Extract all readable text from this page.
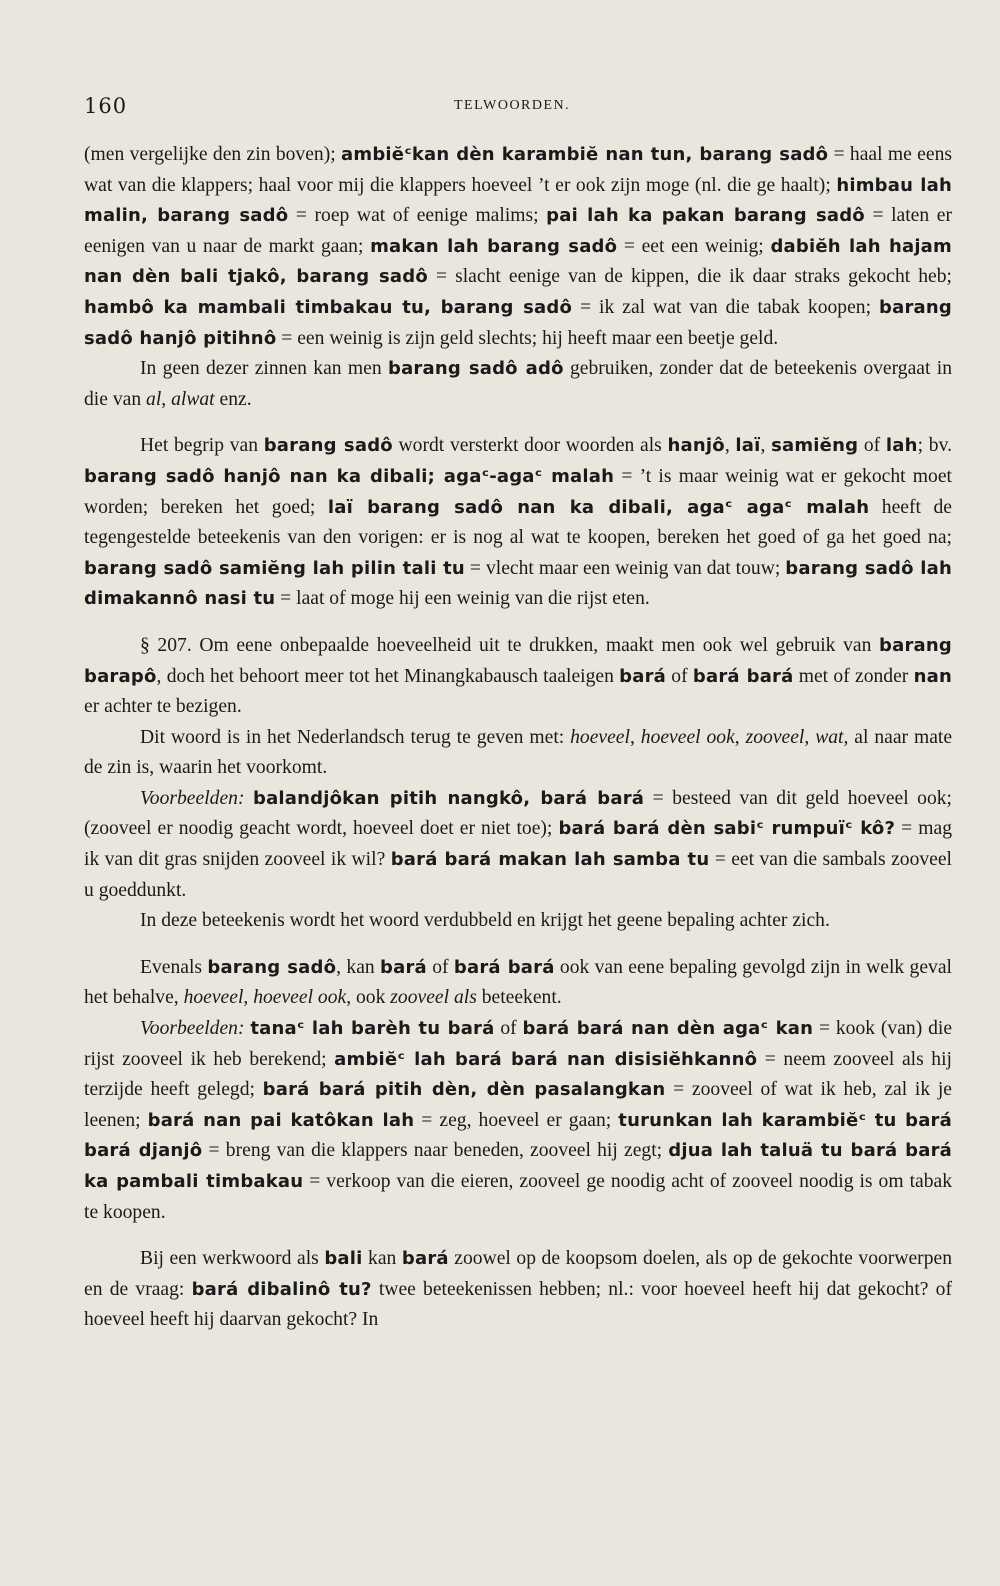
160	TELWOORDEN.

(men vergelijke den zin boven); ambiĕᶜkan dèn karambiĕ nan tun, barang sadô = haal me eens wat van die klappers; haal voor mij die klappers hoeveel ’t er ook zijn moge (nl. die ge haalt); himbau lah malin, barang sadô = roep wat of eenige malims; pai lah ka pakan barang sadô = laten er eenigen van u naar de markt gaan; makan lah barang sadô = eet een weinig; dabiĕh lah hajam nan dèn bali tjakô, barang sadô = slacht eenige van de kippen, die ik daar straks gekocht heb; hambô ka mambali timbakau tu, barang sadô = ik zal wat van die tabak koopen; barang sadô hanjô pitihnô = een weinig is zijn geld slechts; hij heeft maar een beetje geld.

In geen dezer zinnen kan men barang sadô adô gebruiken, zonder dat de beteekenis overgaat in die van al, alwat enz.

Het begrip van barang sadô wordt versterkt door woorden als hanjô, laï, samiĕng of lah; bv. barang sadô hanjô nan ka dibali; agaᶜ-agaᶜ malah = ’t is maar weinig wat er gekocht moet worden; bereken het goed; laï barang sadô nan ka dibali, agaᶜ agaᶜ malah heeft de tegengestelde beteekenis van den vorigen: er is nog al wat te koopen, bereken het goed of ga het goed na; barang sadô samiĕng lah pilin tali tu = vlecht maar een weinig van dat touw; barang sadô lah dimakannô nasi tu = laat of moge hij een weinig van die rijst eten.

§ 207. Om eene onbepaalde hoeveelheid uit te drukken, maakt men ook wel gebruik van barang barapô, doch het behoort meer tot het Minangkabausch taaleigen bará of bará bará met of zonder nan er achter te bezigen.

Dit woord is in het Nederlandsch terug te geven met: hoeveel, hoeveel ook, zooveel, wat, al naar mate de zin is, waarin het voorkomt.

Voorbeelden: balandjôkan pitih nangkô, bará bará = besteed van dit geld hoeveel ook; (zooveel er noodig geacht wordt, hoeveel doet er niet toe); bará bará dèn sabiᶜ rumpuïᶜ kô? = mag ik van dit gras snijden zooveel ik wil? bará bará makan lah samba tu = eet van die sambals zooveel u goeddunkt.

In deze beteekenis wordt het woord verdubbeld en krijgt het geene bepaling achter zich.

Evenals barang sadô, kan bará of bará bará ook van eene bepaling gevolgd zijn in welk geval het behalve, hoeveel, hoeveel ook, ook zooveel als beteekent.

Voorbeelden: tanaᶜ lah barèh tu bará of bará bará nan dèn agaᶜ kan = kook (van) die rijst zooveel ik heb berekend; ambiĕᶜ lah bará bará nan disisiĕhkannô = neem zooveel als hij terzijde heeft gelegd; bará bará pitih dèn, dèn pasalangkan = zooveel of wat ik heb, zal ik je leenen; bará nan pai katôkan lah = zeg, hoeveel er gaan; turunkan lah karambiĕᶜ tu bará bará djanjô = breng van die klappers naar beneden, zooveel hij zegt; djua lah taluä tu bará bará ka pambali timbakau = verkoop van die eieren, zooveel ge noodig acht of zooveel noodig is om tabak te koopen.

Bij een werkwoord als bali kan bará zoowel op de koopsom doelen, als op de gekochte voorwerpen en de vraag: bará dibalinô tu? twee beteekenissen hebben; nl.: voor hoeveel heeft hij dat gekocht? of hoeveel heeft hij daarvan gekocht? In
